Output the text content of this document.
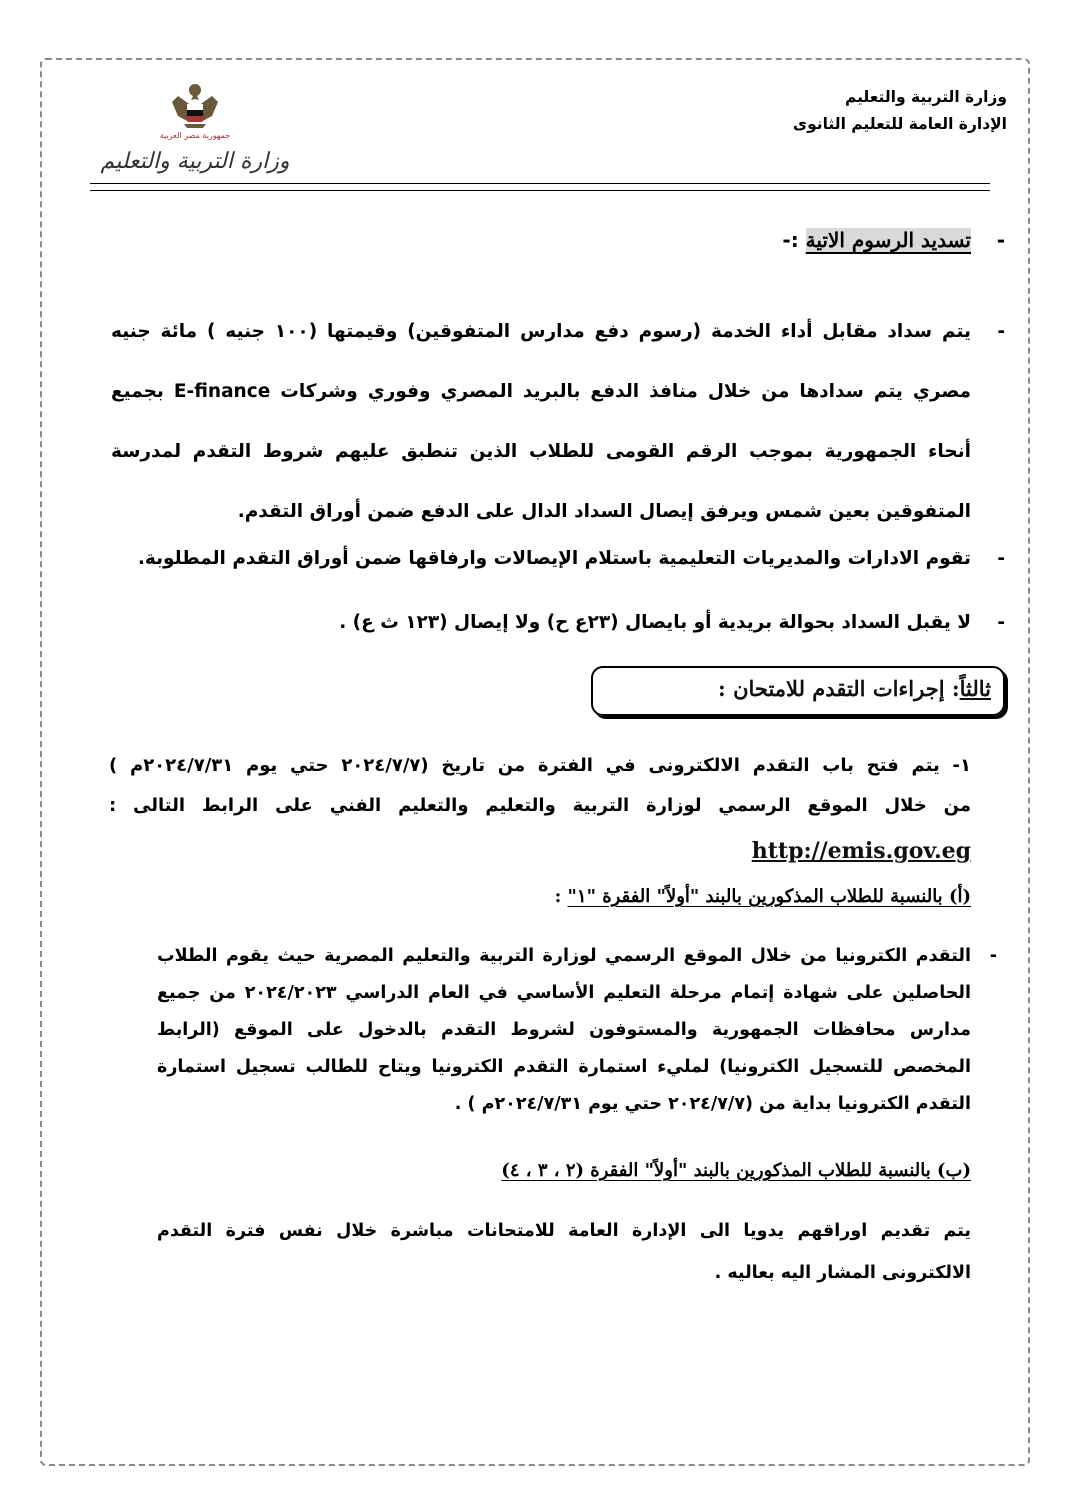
وزارة التربية والتعليم
الإدارة العامة للتعليم الثانوى
جمهورية مصر العربية
وزارة التربية والتعليم
-
تسديد الرسوم الاتية :-
-
يتم سداد مقابل أداء الخدمة (رسوم دفع مدارس المتفوقين) وقيمتها (١٠٠ جنيه ) مائة جنيه مصري يتم سدادها من خلال منافذ الدفع بالبريد المصري وفوري وشركات E-finance بجميع أنحاء الجمهورية بموجب الرقم القومى للطلاب الذين تنطبق عليهم شروط التقدم لمدرسة المتفوقين بعين شمس ويرفق إيصال السداد الدال على الدفع ضمن أوراق التقدم.
-
تقوم الادارات والمديريات التعليمية باستلام الإيصالات وارفاقها ضمن أوراق التقدم المطلوبة.
-
لا يقبل السداد بحوالة بريدية أو بايصال (٢٣ع ح) ولا إيصال (١٢٣ ث ع) .
ثالثاً: إجراءات التقدم للامتحان :
١- يتم فتح باب التقدم الالكترونى في الفترة من تاريخ (٢٠٢٤/٧/٧ حتي يوم ٢٠٢٤/٧/٣١م )
من خلال الموقع الرسمي لوزارة التربية والتعليم والتعليم الفني على الرابط التالى :
http://emis.gov.eg
(أ) بالنسبة للطلاب المذكورين بالبند "أولاً" الفقرة "١" :
-
التقدم الكترونيا من خلال الموقع الرسمي لوزارة التربية والتعليم المصرية حيث يقوم الطلاب الحاصلين على شهادة إتمام مرحلة التعليم الأساسي في العام الدراسي ٢٠٢٤/٢٠٢٣ من جميع مدارس محافظات الجمهورية والمستوفون لشروط التقدم بالدخول على الموقع (الرابط المخصص للتسجيل الكترونيا) لمليء استمارة التقدم الكترونيا ويتاح للطالب تسجيل استمارة التقدم الكترونيا بداية من (٢٠٢٤/٧/٧ حتي يوم ٢٠٢٤/٧/٣١م ) .
(ب) بالنسبة للطلاب المذكورين بالبند "أولاً" الفقرة (٢ ، ٣ ، ٤)
يتم تقديم اوراقهم يدويا الى الإدارة العامة للامتحانات مباشرة خلال نفس فترة التقدم الالكترونى المشار اليه بعاليه .
